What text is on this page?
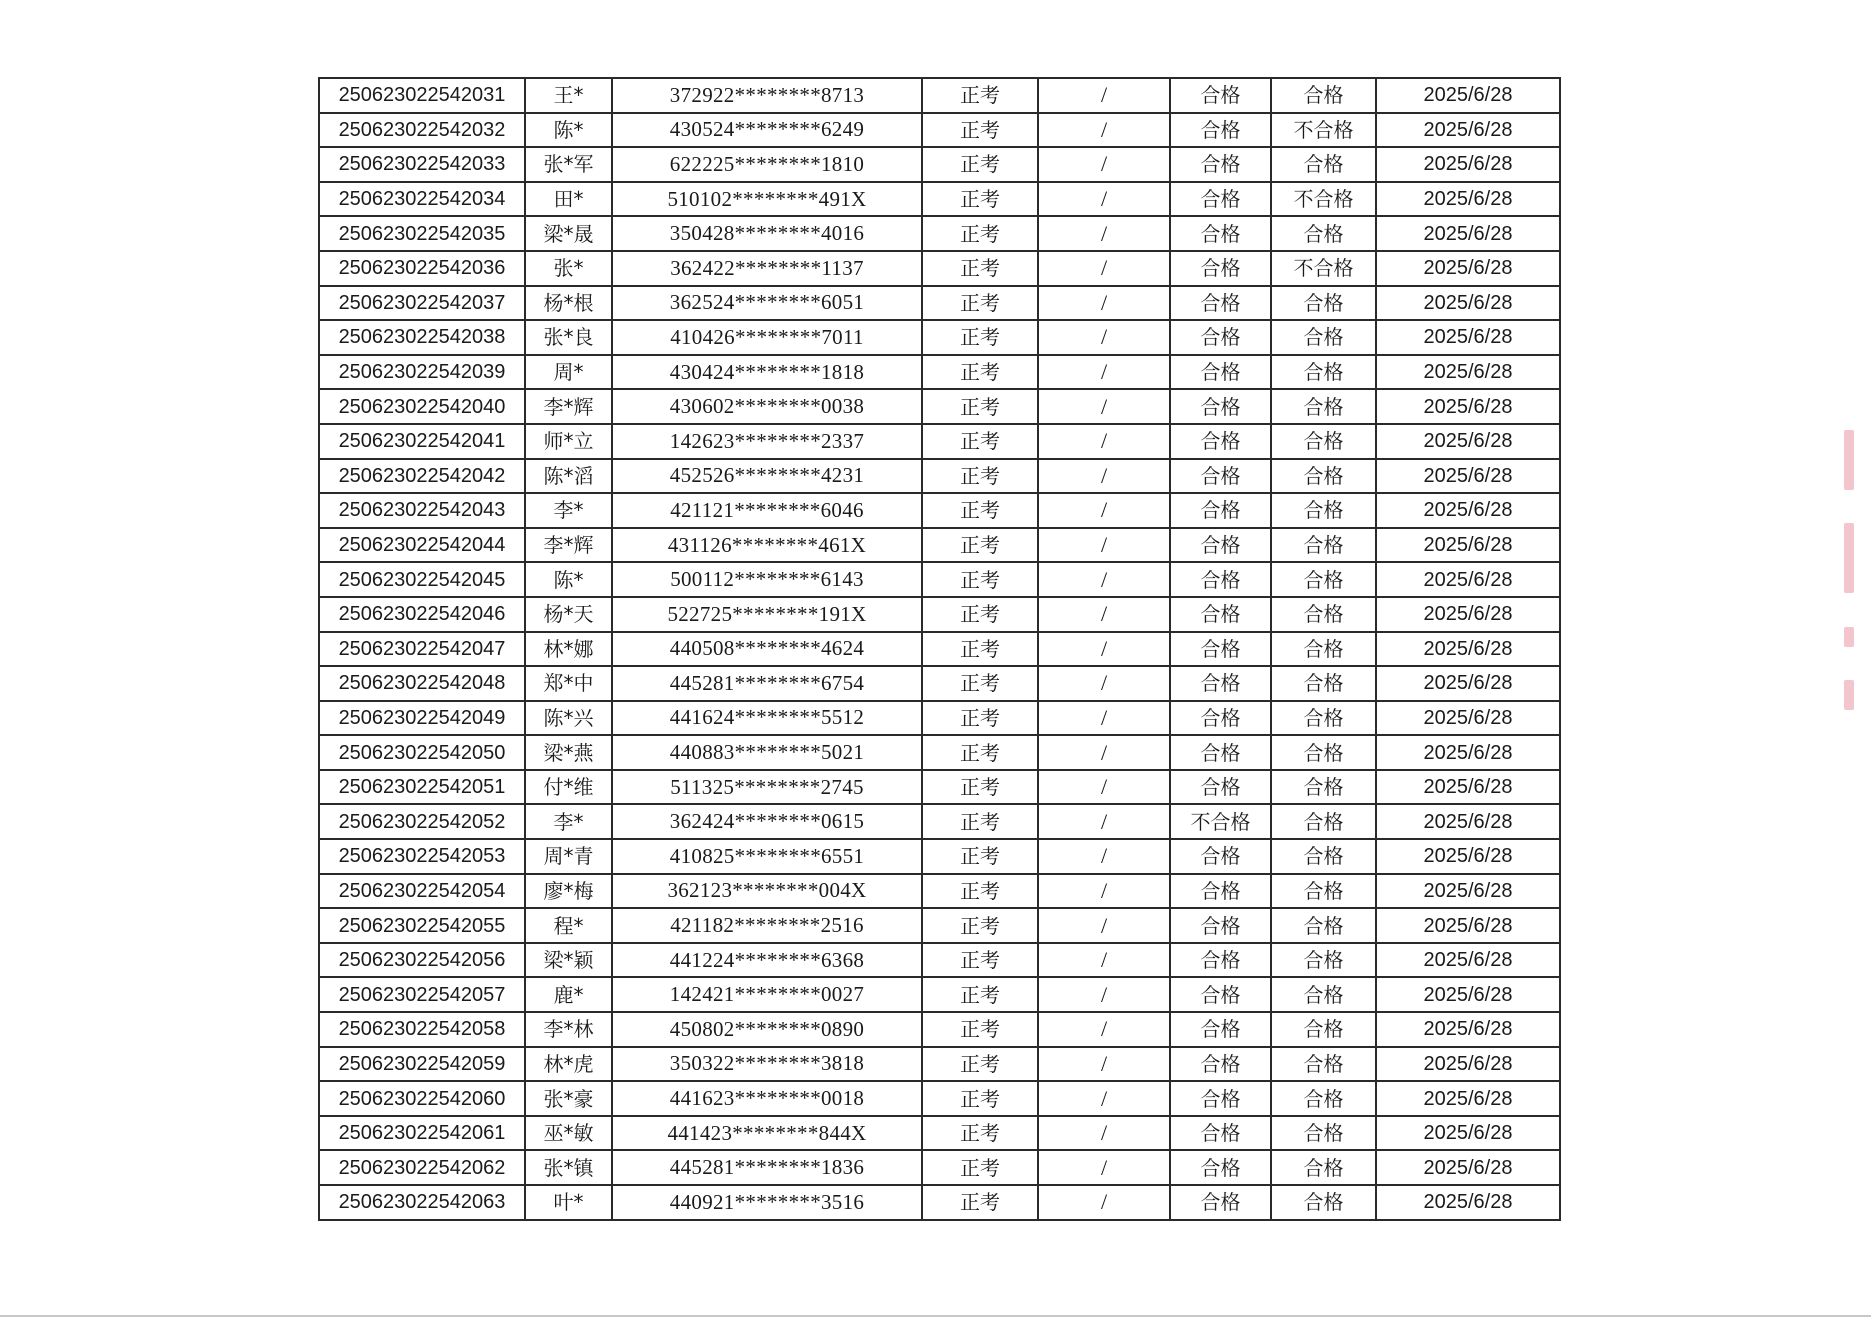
250623022542031	王*	372922********8713	正考	/	合格	合格	2025/6/28
250623022542032	陈*	430524********6249	正考	/	合格	不合格	2025/6/28
250623022542033	张*军	622225********1810	正考	/	合格	合格	2025/6/28
250623022542034	田*	510102********491X	正考	/	合格	不合格	2025/6/28
250623022542035	梁*晟	350428********4016	正考	/	合格	合格	2025/6/28
250623022542036	张*	362422********1137	正考	/	合格	不合格	2025/6/28
250623022542037	杨*根	362524********6051	正考	/	合格	合格	2025/6/28
250623022542038	张*良	410426********7011	正考	/	合格	合格	2025/6/28
250623022542039	周*	430424********1818	正考	/	合格	合格	2025/6/28
250623022542040	李*辉	430602********0038	正考	/	合格	合格	2025/6/28
250623022542041	师*立	142623********2337	正考	/	合格	合格	2025/6/28
250623022542042	陈*滔	452526********4231	正考	/	合格	合格	2025/6/28
250623022542043	李*	421121********6046	正考	/	合格	合格	2025/6/28
250623022542044	李*辉	431126********461X	正考	/	合格	合格	2025/6/28
250623022542045	陈*	500112********6143	正考	/	合格	合格	2025/6/28
250623022542046	杨*天	522725********191X	正考	/	合格	合格	2025/6/28
250623022542047	林*娜	440508********4624	正考	/	合格	合格	2025/6/28
250623022542048	郑*中	445281********6754	正考	/	合格	合格	2025/6/28
250623022542049	陈*兴	441624********5512	正考	/	合格	合格	2025/6/28
250623022542050	梁*燕	440883********5021	正考	/	合格	合格	2025/6/28
250623022542051	付*维	511325********2745	正考	/	合格	合格	2025/6/28
250623022542052	李*	362424********0615	正考	/	不合格	合格	2025/6/28
250623022542053	周*青	410825********6551	正考	/	合格	合格	2025/6/28
250623022542054	廖*梅	362123********004X	正考	/	合格	合格	2025/6/28
250623022542055	程*	421182********2516	正考	/	合格	合格	2025/6/28
250623022542056	梁*颖	441224********6368	正考	/	合格	合格	2025/6/28
250623022542057	鹿*	142421********0027	正考	/	合格	合格	2025/6/28
250623022542058	李*林	450802********0890	正考	/	合格	合格	2025/6/28
250623022542059	林*虎	350322********3818	正考	/	合格	合格	2025/6/28
250623022542060	张*豪	441623********0018	正考	/	合格	合格	2025/6/28
250623022542061	巫*敏	441423********844X	正考	/	合格	合格	2025/6/28
250623022542062	张*镇	445281********1836	正考	/	合格	合格	2025/6/28
250623022542063	叶*	440921********3516	正考	/	合格	合格	2025/6/28
